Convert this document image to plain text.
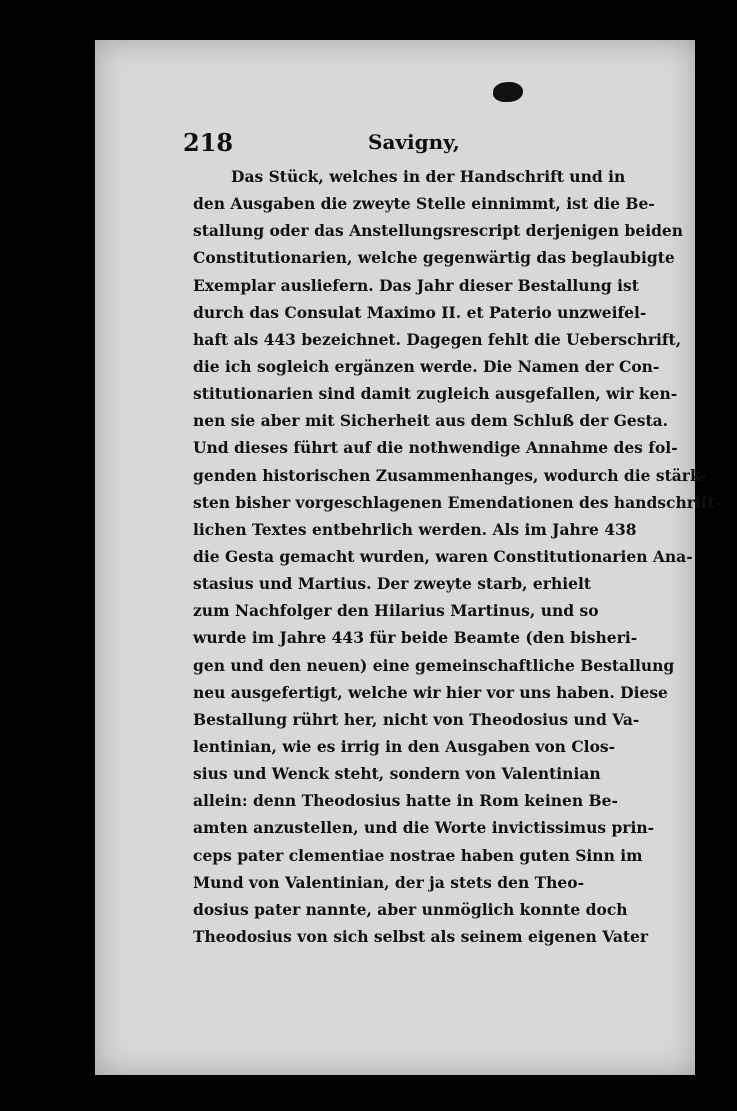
218	Savigny,
Das Stück, welches in der Handschrift und in
den Ausgaben die zweyte Stelle einnimmt, ist die Be-
stallung oder das Anstellungsrescript derjenigen beiden
Constitutionarien, welche gegenwärtig das beglaubigte
Exemplar ausliefern. Das Jahr dieser Bestallung ist
durch das Consulat Maximo II. et Paterio unzweifel-
haft als 443 bezeichnet. Dagegen fehlt die Ueberschrift,
die ich sogleich ergänzen werde. Die Namen der Con-
stitutionarien sind damit zugleich ausgefallen, wir ken-
nen sie aber mit Sicherheit aus dem Schluß der Gesta.
Und dieses führt auf die nothwendige Annahme des fol-
genden historischen Zusammenhanges, wodurch die stärk-
sten bisher vorgeschlagenen Emendationen des handschrift-
lichen Textes entbehrlich werden. Als im Jahre 438
die Gesta gemacht wurden, waren Constitutionarien Ana-
stasius und Martius. Der zweyte starb, erhielt
zum Nachfolger den Hilarius Martinus, und so
wurde im Jahre 443 für beide Beamte (den bisheri-
gen und den neuen) eine gemeinschaftliche Bestallung
neu ausgefertigt, welche wir hier vor uns haben. Diese
Bestallung rührt her, nicht von Theodosius und Va-
lentinian, wie es irrig in den Ausgaben von Clos-
sius und Wenck steht, sondern von Valentinian
allein: denn Theodosius hatte in Rom keinen Be-
amten anzustellen, und die Worte invictissimus prin-
ceps pater clementiae nostrae haben guten Sinn im
Mund von Valentinian, der ja stets den Theo-
dosius pater nannte, aber unmöglich konnte doch
Theodosius von sich selbst als seinem eigenen Vater
